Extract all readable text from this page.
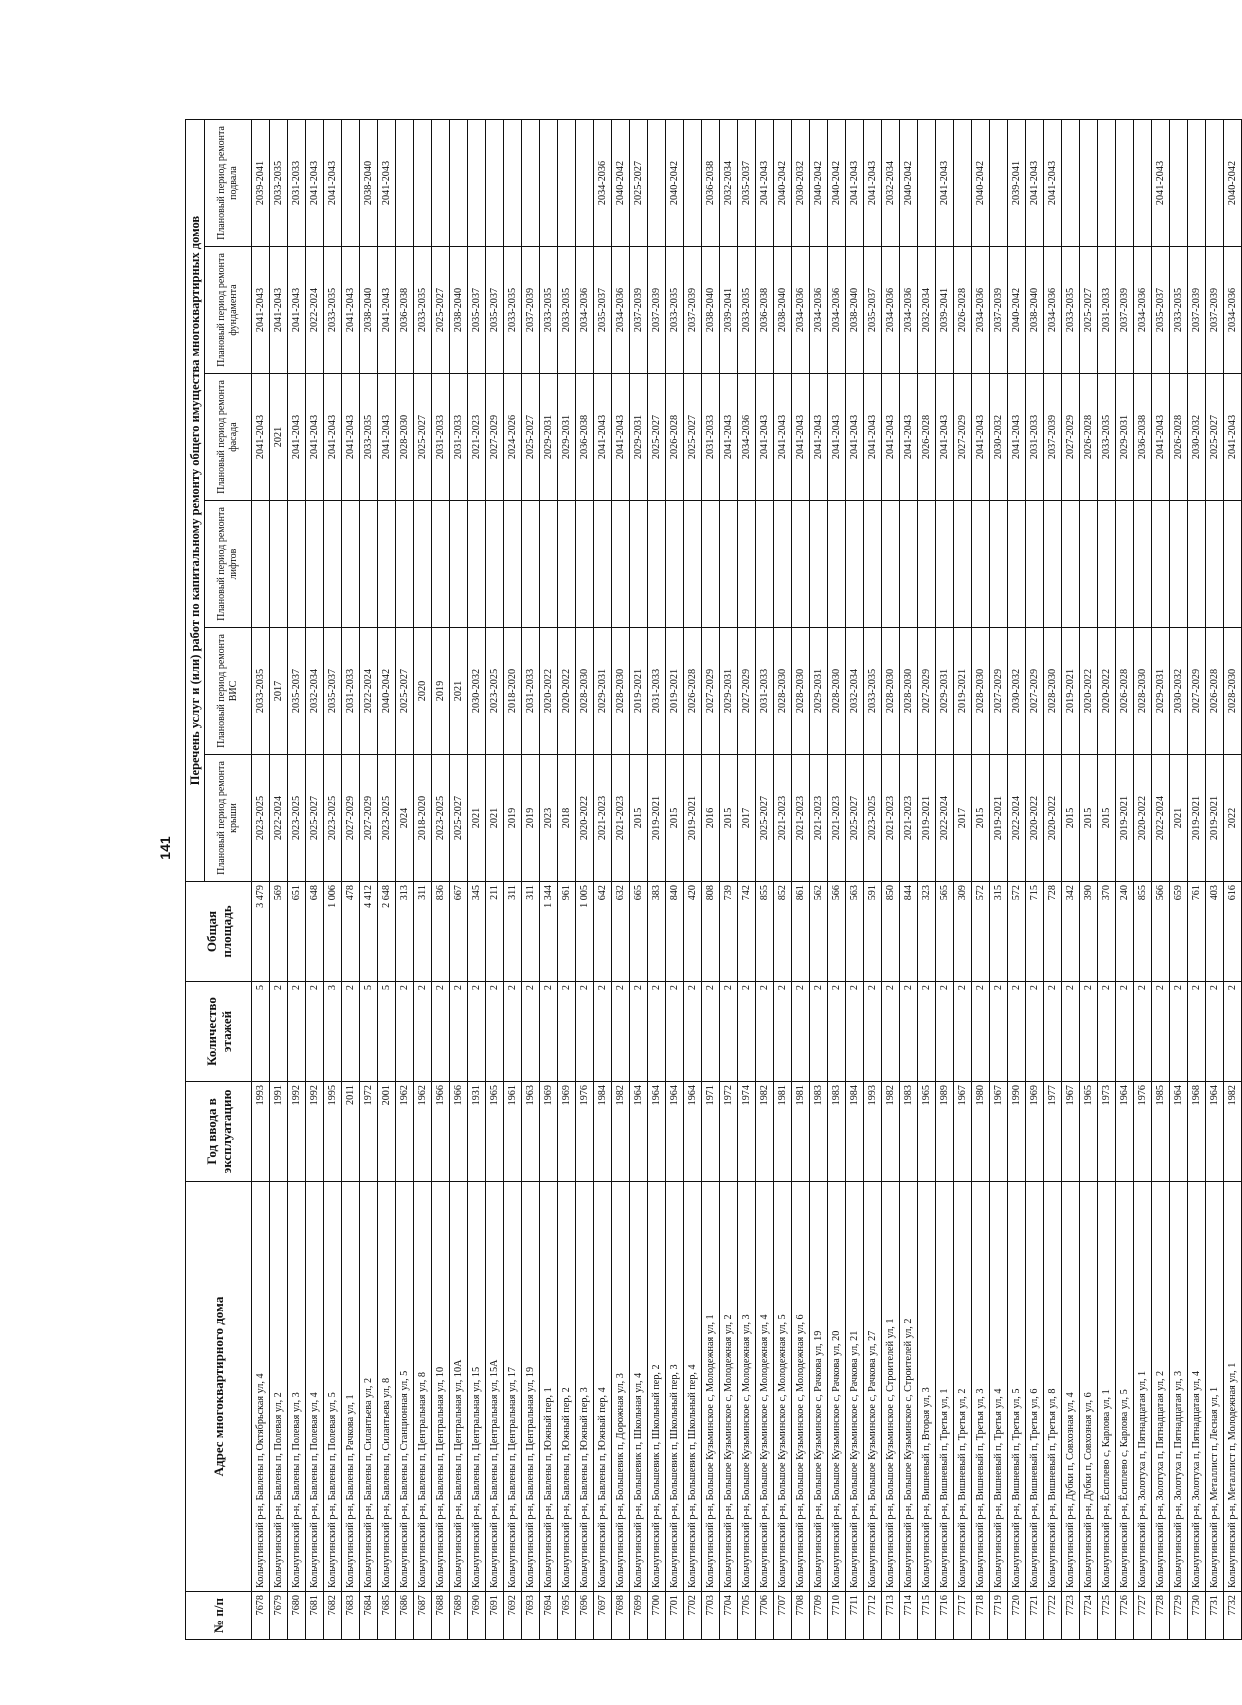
141
№ п/п	Адрес многоквартирного дома	Год ввода в эксплуатацию	Количество этажей	Общая площадь	Перечень услуг и (или) работ по капитальному ремонту общего имущества многоквартирных домов					
					Плановый период ремонта крыши	Плановый период ремонта ВИС	Плановый период ремонта лифтов	Плановый период ремонта фасада	Плановый период ремонта фундамента	Плановый период ремонта подвала
7678	Кольчугинский р-н, Бавлены п, Октябрьская ул, 4	1993	5	3 479	2023-2025	2033-2035		2041-2043	2041-2043	2039-2041
7679	Кольчугинский р-н, Бавлены п, Полевая ул, 2	1991	2	569	2022-2024	2017		2021	2041-2043	2033-2035
7680	Кольчугинский р-н, Бавлены п, Полевая ул, 3	1992	2	651	2023-2025	2035-2037		2041-2043	2041-2043	2031-2033
7681	Кольчугинский р-н, Бавлены п, Полевая ул, 4	1992	2	648	2025-2027	2032-2034		2041-2043	2022-2024	2041-2043
7682	Кольчугинский р-н, Бавлены п, Полевая ул, 5	1995	3	1 006	2023-2025	2035-2037		2041-2043	2033-2035	2041-2043
7683	Кольчугинский р-н, Бавлены п, Рачкова ул, 1	2011	2	478	2027-2029	2031-2033		2041-2043	2041-2043	
7684	Кольчугинский р-н, Бавлены п, Силантьева ул, 2	1972	5	4 412	2027-2029	2022-2024		2033-2035	2038-2040	2038-2040
7685	Кольчугинский р-н, Бавлены п, Силантьева ул, 8	2001	5	2 648	2023-2025	2040-2042		2041-2043	2041-2043	2041-2043
7686	Кольчугинский р-н, Бавлены п, Станционная ул, 5	1962	2	313	2024	2025-2027		2028-2030	2036-2038	
7687	Кольчугинский р-н, Бавлены п, Центральная ул, 8	1962	2	311	2018-2020	2020		2025-2027	2033-2035	
7688	Кольчугинский р-н, Бавлены п, Центральная ул, 10	1966	2	836	2023-2025	2019		2031-2033	2025-2027	
7689	Кольчугинский р-н, Бавлены п, Центральная ул, 10А	1966	2	667	2025-2027	2021		2031-2033	2038-2040	
7690	Кольчугинский р-н, Бавлены п, Центральная ул, 15	1931	2	345	2021	2030-2032		2021-2023	2035-2037	
7691	Кольчугинский р-н, Бавлены п, Центральная ул, 15А	1965	2	211	2021	2023-2025		2027-2029	2035-2037	
7692	Кольчугинский р-н, Бавлены п, Центральная ул, 17	1961	2	311	2019	2018-2020		2024-2026	2033-2035	
7693	Кольчугинский р-н, Бавлены п, Центральная ул, 19	1963	2	311	2019	2031-2033		2025-2027	2037-2039	
7694	Кольчугинский р-н, Бавлены п, Южный пер, 1	1969	2	1 344	2023	2020-2022		2029-2031	2033-2035	
7695	Кольчугинский р-н, Бавлены п, Южный пер, 2	1969	2	961	2018	2020-2022		2029-2031	2033-2035	
7696	Кольчугинский р-н, Бавлены п, Южный пер, 3	1976	2	1 005	2020-2022	2028-2030		2036-2038	2034-2036	
7697	Кольчугинский р-н, Бавлены п, Южный пер, 4	1984	2	642	2021-2023	2029-2031		2041-2043	2035-2037	2034-2036
7698	Кольчугинский р-н, Большевик п, Дорожная ул, 3	1982	2	632	2021-2023	2028-2030		2041-2043	2034-2036	2040-2042
7699	Кольчугинский р-н, Большевик п, Школьная ул, 4	1964	2	665	2015	2019-2021		2029-2031	2037-2039	2025-2027
7700	Кольчугинский р-н, Большевик п, Школьный пер, 2	1964	2	383	2019-2021	2031-2033		2025-2027	2037-2039	
7701	Кольчугинский р-н, Большевик п, Школьный пер, 3	1964	2	840	2015	2019-2021		2026-2028	2033-2035	2040-2042
7702	Кольчугинский р-н, Большевик п, Школьный пер, 4	1964	2	420	2019-2021	2026-2028		2025-2027	2037-2039	
7703	Кольчугинский р-н, Большое Кузьминское с, Молодежная ул, 1	1971	2	808	2016	2027-2029		2031-2033	2038-2040	2036-2038
7704	Кольчугинский р-н, Большое Кузьминское с, Молодежная ул, 2	1972	2	739	2015	2029-2031		2041-2043	2039-2041	2032-2034
7705	Кольчугинский р-н, Большое Кузьминское с, Молодежная ул, 3	1974	2	742	2017	2027-2029		2034-2036	2033-2035	2035-2037
7706	Кольчугинский р-н, Большое Кузьминское с, Молодежная ул, 4	1982	2	855	2025-2027	2031-2033		2041-2043	2036-2038	2041-2043
7707	Кольчугинский р-н, Большое Кузьминское с, Молодежная ул, 5	1981	2	852	2021-2023	2028-2030		2041-2043	2038-2040	2040-2042
7708	Кольчугинский р-н, Большое Кузьминское с, Молодежная ул, 6	1981	2	861	2021-2023	2028-2030		2041-2043	2034-2036	2030-2032
7709	Кольчугинский р-н, Большое Кузьминское с, Рачкова ул, 19	1983	2	562	2021-2023	2029-2031		2041-2043	2034-2036	2040-2042
7710	Кольчугинский р-н, Большое Кузьминское с, Рачкова ул, 20	1983	2	566	2021-2023	2028-2030		2041-2043	2034-2036	2040-2042
7711	Кольчугинский р-н, Большое Кузьминское с, Рачкова ул, 21	1984	2	563	2025-2027	2032-2034		2041-2043	2038-2040	2041-2043
7712	Кольчугинский р-н, Большое Кузьминское с, Рачкова ул, 27	1993	2	591	2023-2025	2033-2035		2041-2043	2035-2037	2041-2043
7713	Кольчугинский р-н, Большое Кузьминское с, Строителей ул, 1	1982	2	850	2021-2023	2028-2030		2041-2043	2034-2036	2032-2034
7714	Кольчугинский р-н, Большое Кузьминское с, Строителей ул, 2	1983	2	844	2021-2023	2028-2030		2041-2043	2034-2036	2040-2042
7715	Кольчугинский р-н, Вишневый п, Вторая ул, 3	1965	2	323	2019-2021	2027-2029		2026-2028	2032-2034	
7716	Кольчугинский р-н, Вишневый п, Третья ул, 1	1989	2	565	2022-2024	2029-2031		2041-2043	2039-2041	2041-2043
7717	Кольчугинский р-н, Вишневый п, Третья ул, 2	1967	2	309	2017	2019-2021		2027-2029	2026-2028	
7718	Кольчугинский р-н, Вишневый п, Третья ул, 3	1980	2	572	2015	2028-2030		2041-2043	2034-2036	2040-2042
7719	Кольчугинский р-н, Вишневый п, Третья ул, 4	1967	2	315	2019-2021	2027-2029		2030-2032	2037-2039	
7720	Кольчугинский р-н, Вишневый п, Третья ул, 5	1990	2	572	2022-2024	2030-2032		2041-2043	2040-2042	2039-2041
7721	Кольчугинский р-н, Вишневый п, Третья ул, 6	1969	2	715	2020-2022	2027-2029		2031-2033	2038-2040	2041-2043
7722	Кольчугинский р-н, Вишневый п, Третья ул, 8	1977	2	728	2020-2022	2028-2030		2037-2039	2034-2036	2041-2043
7723	Кольчугинский р-н, Дубки п, Совхозная ул, 4	1967	2	342	2015	2019-2021		2027-2029	2033-2035	
7724	Кольчугинский р-н, Дубки п, Совхозная ул, 6	1965	2	390	2015	2020-2022		2026-2028	2025-2027	
7725	Кольчугинский р-н, Ёсиплево с, Карлова ул, 1	1973	2	370	2015	2020-2022		2033-2035	2031-2033	
7726	Кольчугинский р-н, Ёсиплево с, Карлова ул, 5	1964	2	240	2019-2021	2026-2028		2029-2031	2037-2039	
7727	Кольчугинский р-н, Золотуха п, Пятнадцатая ул, 1	1976	2	855	2020-2022	2028-2030		2036-2038	2034-2036	
7728	Кольчугинский р-н, Золотуха п, Пятнадцатая ул, 2	1985	2	566	2022-2024	2029-2031		2041-2043	2035-2037	2041-2043
7729	Кольчугинский р-н, Золотуха п, Пятнадцатая ул, 3	1964	2	659	2021	2030-2032		2026-2028	2033-2035	
7730	Кольчугинский р-н, Золотуха п, Пятнадцатая ул, 4	1968	2	761	2019-2021	2027-2029		2030-2032	2037-2039	
7731	Кольчугинский р-н, Металлист п, Лесная ул, 1	1964	2	403	2019-2021	2026-2028		2025-2027	2037-2039	
7732	Кольчугинский р-н, Металлист п, Молодежная ул, 1	1982	2	616	2022	2028-2030		2041-2043	2034-2036	2040-2042
